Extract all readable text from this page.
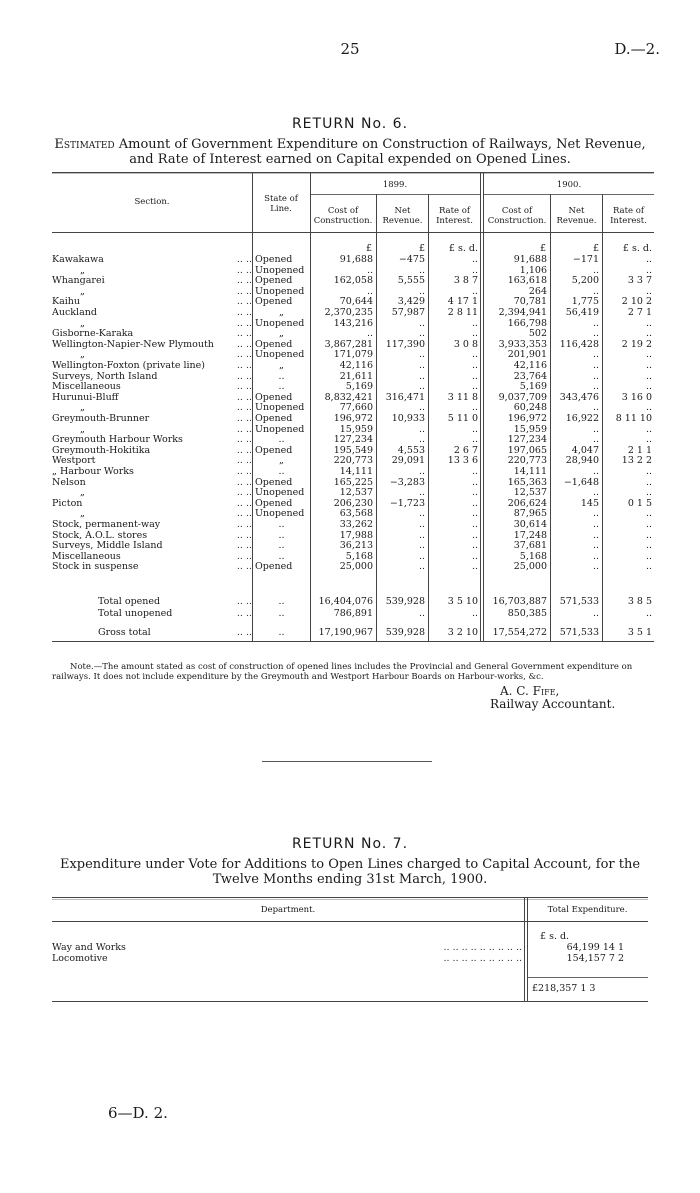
25	D.—2.
RETURN No. 6.
Estimated Amount of Government Expenditure on Construction of Railways, Net Revenue, and Rate of Interest earned on Capital expended on Opened Lines.
Section.	State of Line.
1899.	1900.
Cost of Construction.
Net Revenue.
Rate of Interest.
Cost of Construction.
Net Revenue.
Rate of Interest.
£	£	£ s. d.	£	£	£ s. d.
Kawakawa	Opened	91,688	−475	..	91,688	−171	..
.. ..
„	Unopened	..	..	..	1,106	..	..
.. ..
Whangarei	Opened	162,058	5,555	3 8 7	163,618	5,200	3 3 7
.. ..
„	Unopened	..	..	..	264	..	..
.. ..
Kaihu	Opened	70,644	3,429	4 17 1	70,781	1,775	2 10 2
.. ..
Auckland	„	2,370,235	57,987	2 8 11	2,394,941	56,419	2 7 1
.. ..
„	Unopened	143,216	..	..	166,798	..	..
.. ..
Gisborne-Karaka	„	..	..	..	502	..	..
.. ..
Wellington-Napier-New Plymouth	Opened	3,867,281	117,390	3 0 8	3,933,353	116,428	2 19 2
.. ..
„	Unopened	171,079	..	..	201,901	..	..
.. ..
Wellington-Foxton (private line)	„	42,116	..	..	42,116	..	..
.. ..
Surveys, North Island	..	21,611	..	..	23,764	..	..
.. ..
Miscellaneous	..	5,169	..	..	5,169	..	..
.. ..
Hurunui-Bluff	Opened	8,832,421	316,471	3 11 8	9,037,709	343,476	3 16 0
.. ..
„	Unopened	77,660	..	..	60,248	..	..
.. ..
Greymouth-Brunner	Opened	196,972	10,933	5 11 0	196,972	16,922	8 11 10
.. ..
„	Unopened	15,959	..	..	15,959	..	..
.. ..
Greymouth Harbour Works	..	127,234	..	..	127,234	..	..
.. ..
Greymouth-Hokitika	Opened	195,549	4,553	2 6 7	197,065	4,047	2 1 1
.. ..
Westport	„	220,773	29,091	13 3 6	220,773	28,940	13 2 2
.. ..
„ Harbour Works	..	14,111	..	..	14,111	..	..
.. ..
Nelson	Opened	165,225	−3,283	..	165,363	−1,648	..
.. ..
„	Unopened	12,537	..	..	12,537	..	..
.. ..
Picton	Opened	206,230	−1,723	..	206,624	145	0 1 5
.. ..
„	Unopened	63,568	..	..	87,965	..	..
.. ..
Stock, permanent-way	..	33,262	..	..	30,614	..	..
.. ..
Stock, A.O.L. stores	..	17,988	..	..	17,248	..	..
.. ..
Surveys, Middle Island	..	36,213	..	..	37,681	..	..
.. ..
Miscellaneous	..	5,168	..	..	5,168	..	..
.. ..
Stock in suspense	Opened	25,000	..	..	25,000	..	..
.. ..
Total opened	..	16,404,076	539,928	3 5 10	16,703,887	571,533	3 8 5
.. ..
Total unopened	..	786,891	..	..	850,385	..	..
.. ..
Gross total	..	17,190,967	539,928	3 2 10	17,554,272	571,533	3 5 1
.. ..
Note.—The amount stated as cost of construction of opened lines includes the Provincial and General Government expenditure on railways. It does not include expenditure by the Greymouth and Westport Harbour Boards on Harbour-works, &c.
A. C. Fife,
Railway Accountant.
RETURN No. 7.
Expenditure under Vote for Additions to Open Lines charged to Capital Account, for the Twelve Months ending 31st March, 1900.
Department.	Total Expenditure.
£ s. d.
Way and Works	.. .. .. .. .. .. .. .. ..	64,199 14 1
Locomotive	.. .. .. .. .. .. .. .. ..	154,157 7 2
£218,357 1 3
6—D. 2.
